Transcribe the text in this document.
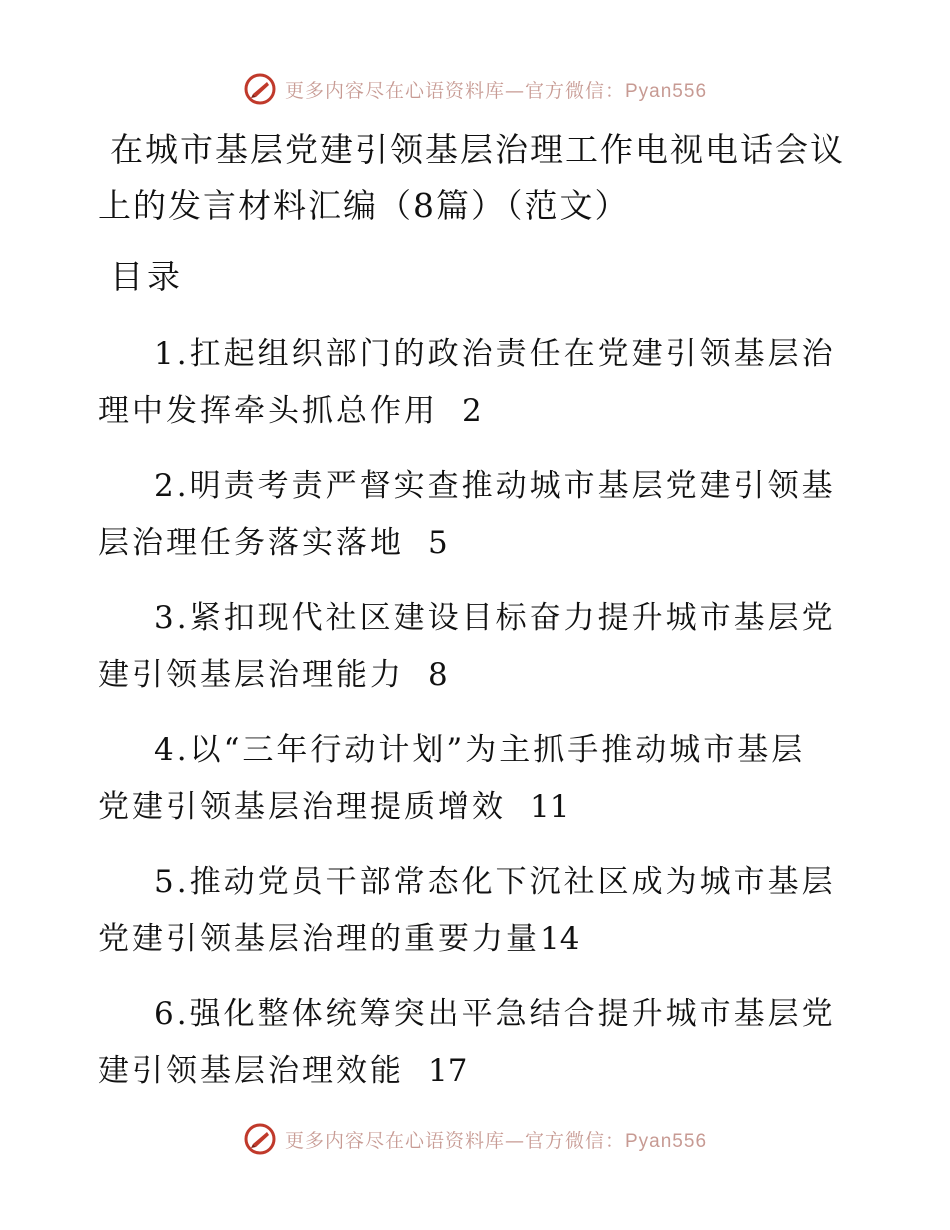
更多内容尽在心语资料库—官方微信：Pyan556
在城市基层党建引领基层治理工作电视电话会议
上的发言材料汇编（8篇）（范文）
目录
1.扛起组织部门的政治责任在党建引领基层治
理中发挥牵头抓总作用 2
2.明责考责严督实查推动城市基层党建引领基
层治理任务落实落地 5
3.紧扣现代社区建设目标奋力提升城市基层党
建引领基层治理能力 8
4.以“三年行动计划”为主抓手推动城市基层
党建引领基层治理提质增效 11
5.推动党员干部常态化下沉社区成为城市基层
党建引领基层治理的重要力量14
6.强化整体统筹突出平急结合提升城市基层党
建引领基层治理效能 17
更多内容尽在心语资料库—官方微信：Pyan556
